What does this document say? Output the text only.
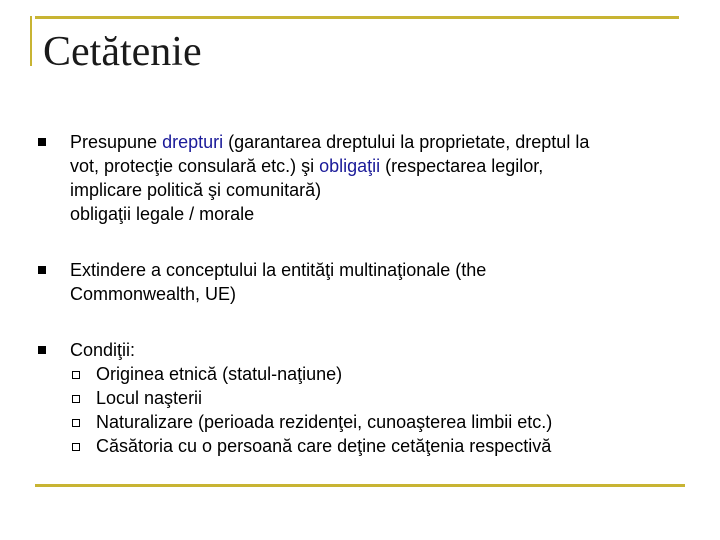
Cetătenie
Presupune drepturi (garantarea dreptului la proprietate, dreptul la
vot, protecţie consulară etc.) şi obligaţii (respectarea legilor,
implicare politică şi comunitară)
obligaţii legale / morale
Extindere a conceptului la entităţi multinaţionale (the
Commonwealth, UE)
Condiţii:
Originea etnică (statul-naţiune)
Locul naşterii
Naturalizare (perioada rezidenţei, cunoaşterea limbii etc.)
Căsătoria cu o persoană care deţine cetăţenia respectivă
